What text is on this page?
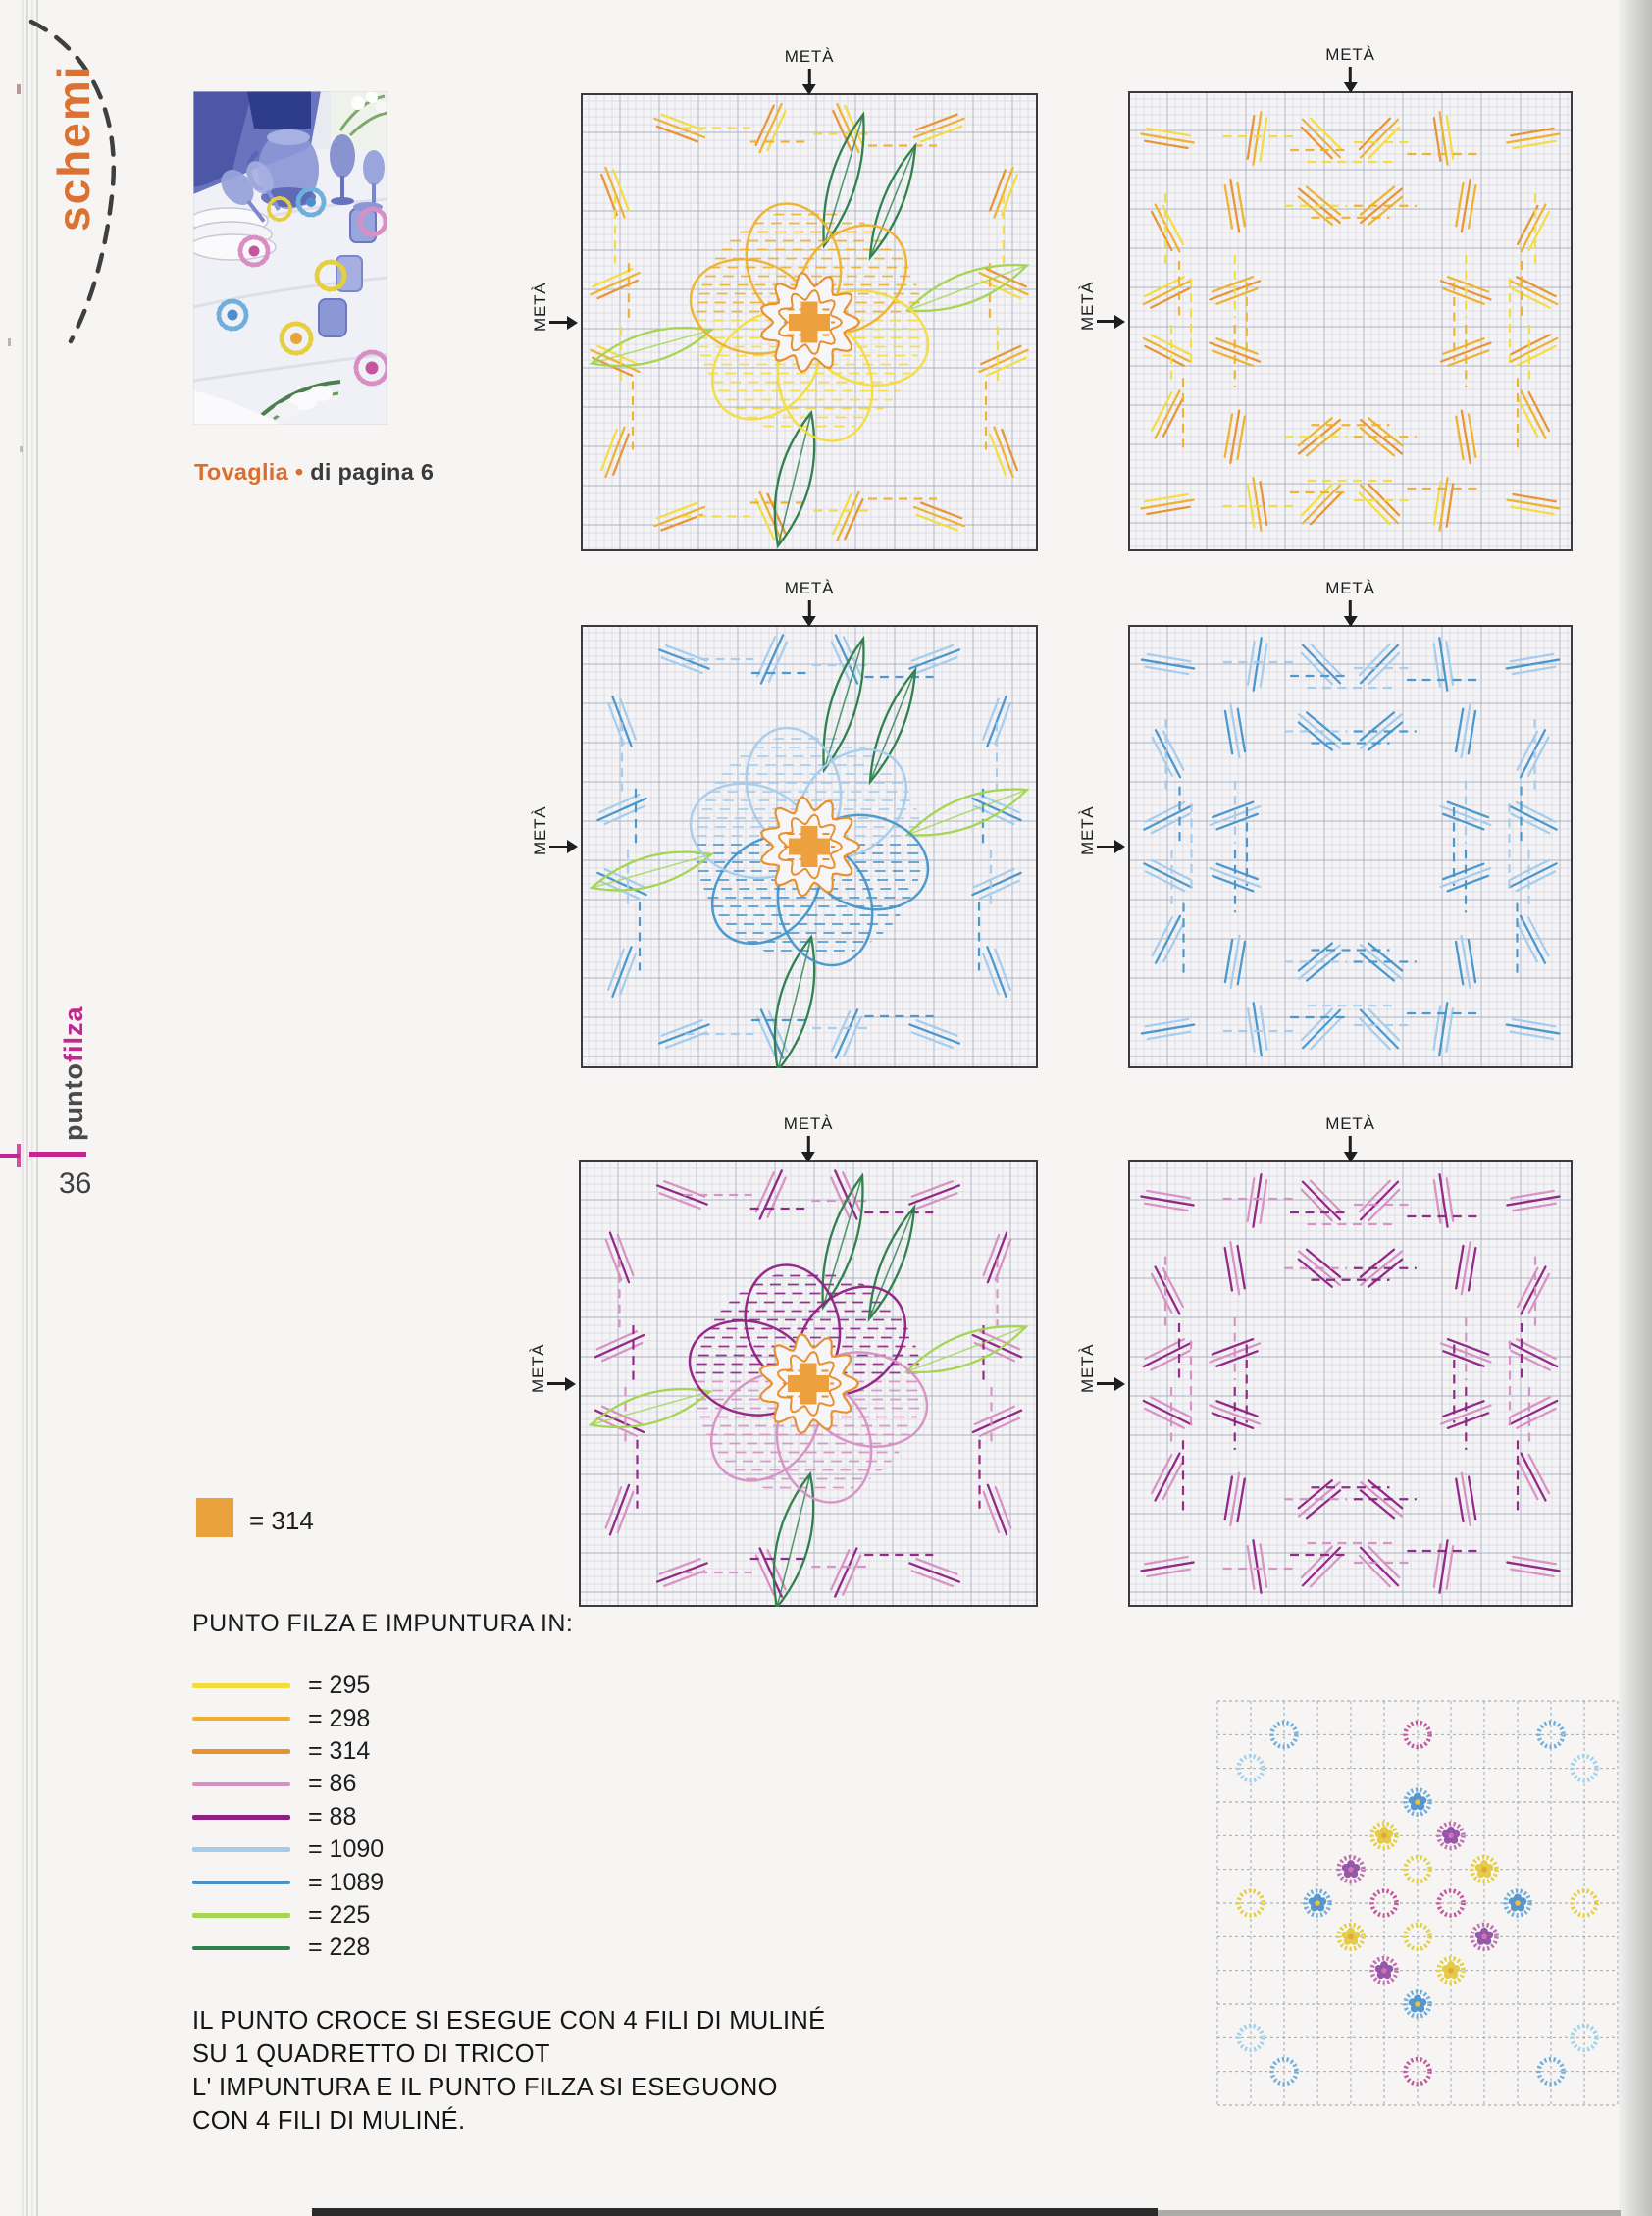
schemi
Tovaglia • di pagina 6
puntofilza
36
METÀ
METÀ
METÀ
METÀ
METÀ
METÀ
METÀ
METÀ
METÀ
METÀ
METÀ
METÀ
= 314
PUNTO FILZA E IMPUNTURA IN:
= 295
= 298
= 314
= 86
= 88
= 1090
= 1089
= 225
= 228
IL PUNTO CROCE SI ESEGUE CON 4 FILI DI MULINÉ
SU 1 QUADRETTO DI TRICOT
L' IMPUNTURA E IL PUNTO FILZA SI ESEGUONO
CON 4 FILI DI MULINÉ.
